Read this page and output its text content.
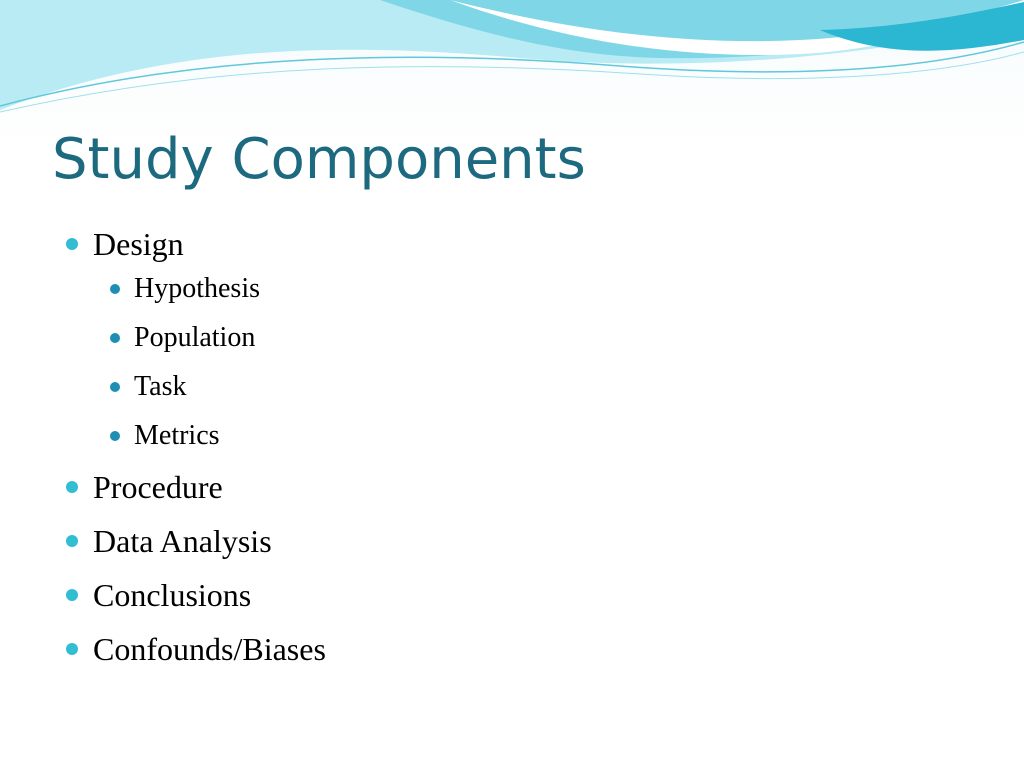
Study Components
Design
Hypothesis
Population
Task
Metrics
Procedure
Data Analysis
Conclusions
Confounds/Biases
